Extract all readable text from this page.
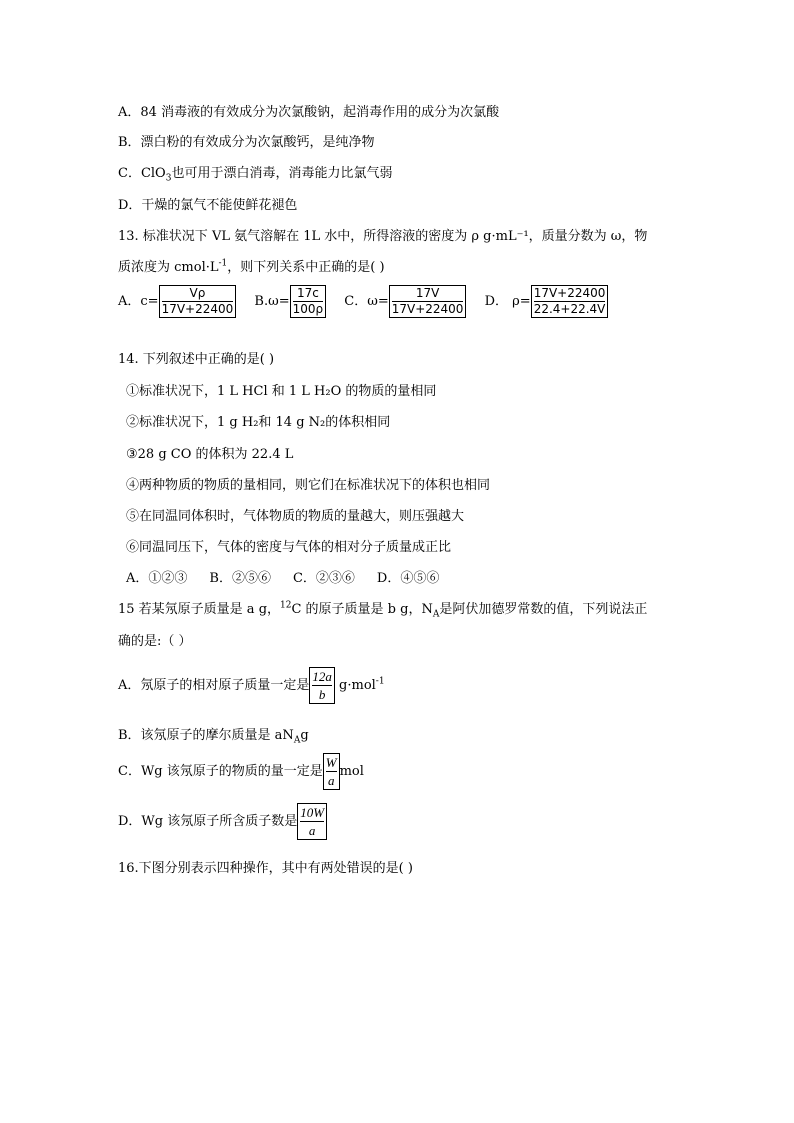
A．84 消毒液的有效成分为次氯酸钠，起消毒作用的成分为次氯酸
B．漂白粉的有效成分为次氯酸钙，是纯净物
C．ClO$_3$也可用于漂白消毒，消毒能力比氯气弱
D．干燥的氯气不能使鲜花褪色
13. 标准状况下 VL 氨气溶解在 1L 水中，所得溶液的密度为 ρ g·mL⁻¹，质量分数为 ω，物
质浓度为 $cmol\cdot L^{-1}$，则下列关系中正确的是( )
A．$c= \frac{V\rho}{17V+22400} B.\omega= \frac{17c}{100\rho}$ C．$\omega= \frac{17V}{17V+22400}$ D． $\rho= \frac{17V+22400}{22.4+22.4V}$
14. 下列叙述中正确的是( )
①标准状况下，1 L HCl 和 1 L H₂O 的物质的量相同
②标准状况下，1 g H₂和 14 g N₂的体积相同
③28 g CO 的体积为 22.4 L
④两种物质的物质的量相同，则它们在标准状况下的体积也相同
⑤在同温同体积时，气体物质的物质的量越大，则压强越大
⑥同温同压下，气体的密度与气体的相对分子质量成正比
A．①②③ B．②⑤⑥ C．②③⑥ D．④⑤⑥
15 若某氖原子质量是 a g，$^{12}$C 的原子质量是 b g，$N_A$是阿伏加德罗常数的值，下列说法正
确的是:（ ）
A．氖原子的相对原子质量一定是 $\frac{12a}{b} g\cdot mol^{-1}$
B．该氖原子的摩尔质量是 $aN_Ag$
C．Wg 该氖原子的物质的量一定是 $\frac{W}{a}$ mol
D．Wg 该氖原子所含质子数是 $\frac{10W}{a}$
16.下图分别表示四种操作，其中有两处错误的是( )
